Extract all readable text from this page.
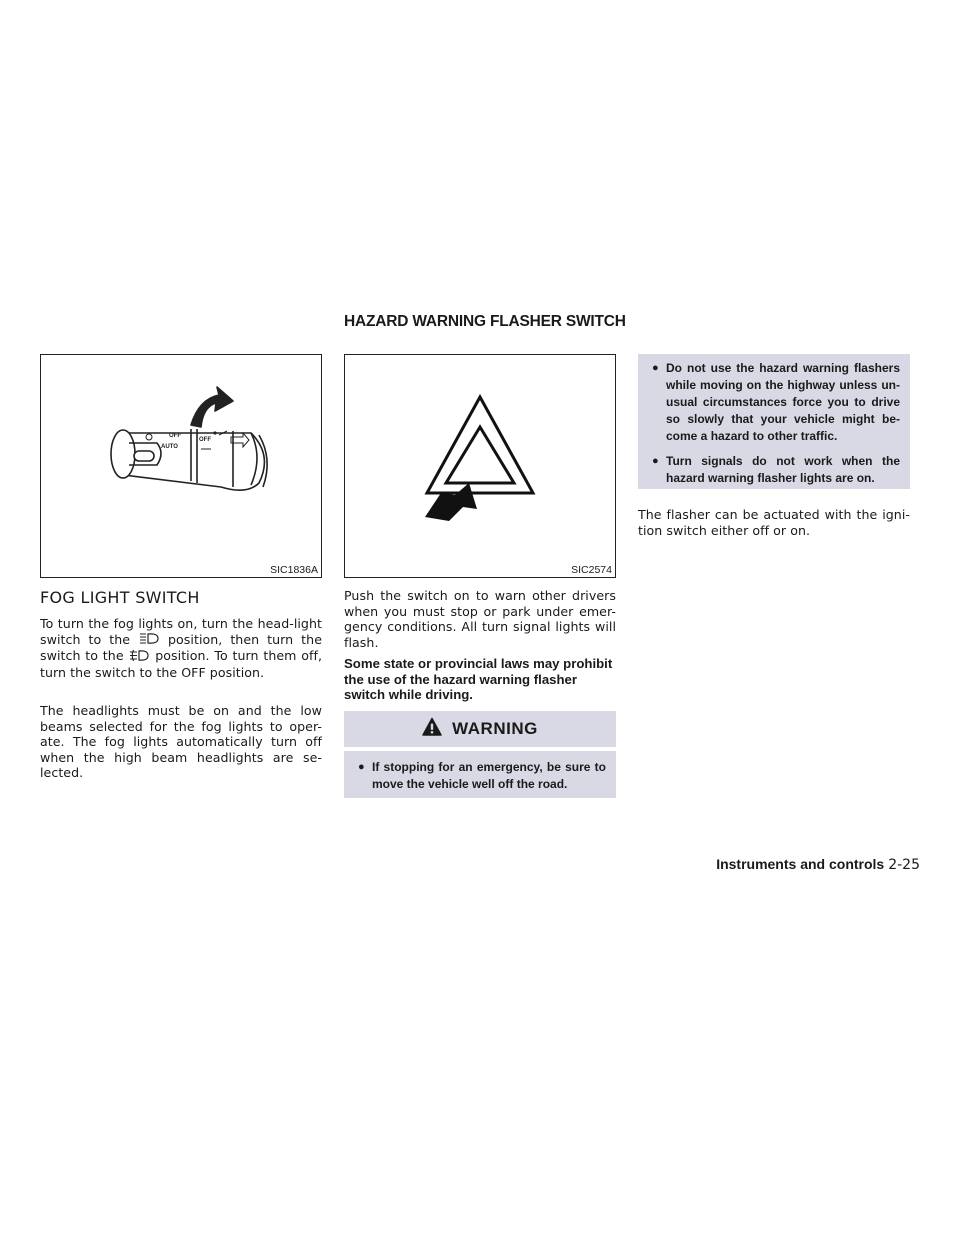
HAZARD WARNING FLASHER SWITCH
OFF
AUTO
OFF
SIC1836A	SIC2574
FOG LIGHT SWITCH

To turn the fog lights on, turn the head-light switch to the	position, then turn the switch to the	position. To turn them off, turn the switch to the OFF position.

The headlights must be on and the low beams selected for the fog lights to oper-ate. The fog lights automatically turn off when the high beam headlights are se-lected.

Push the switch on to warn other drivers when you must stop or park under emer-gency conditions. All turn signal lights will flash.

Some state or provincial laws may prohibit the use of the hazard warning flasher switch while driving.

WARNING
● If stopping for an emergency, be sure to move the vehicle well off the road.
● Do not use the hazard warning flashers while moving on the highway unless un-usual circumstances force you to drive so slowly that your vehicle might be-come a hazard to other traffic.
● Turn signals do not work when the hazard warning flasher lights are on.

The flasher can be actuated with the igni-tion switch either off or on.

Instruments and controls 2-25
